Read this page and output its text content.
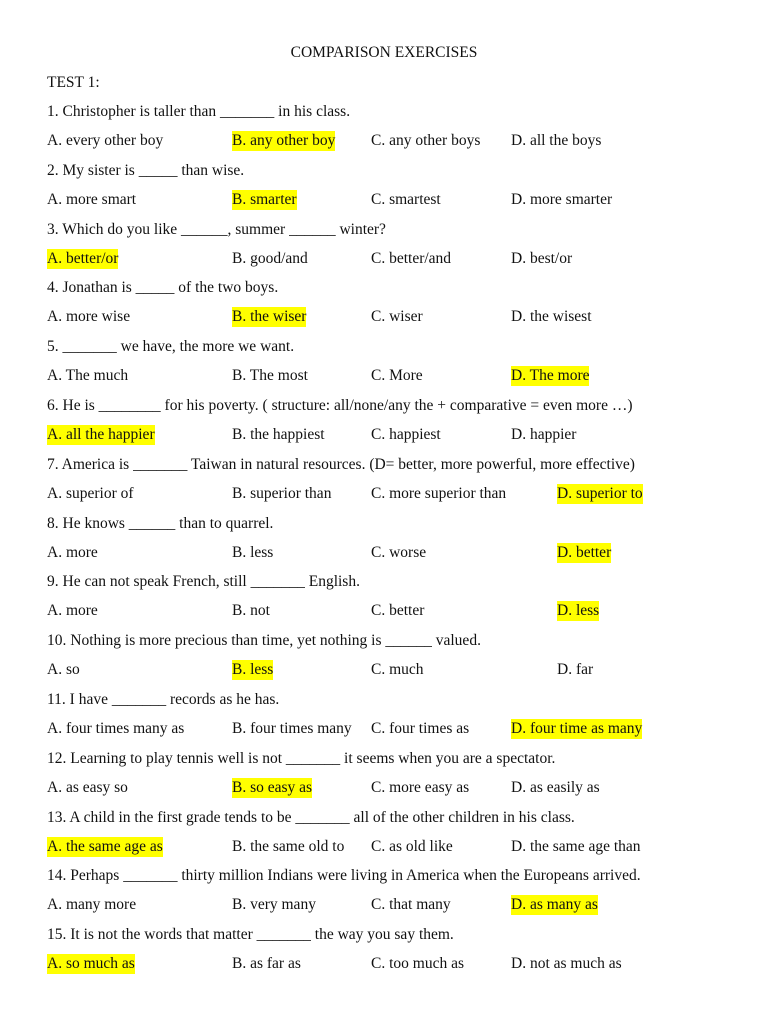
COMPARISON EXERCISES
TEST 1:
1. Christopher is taller than _______ in his class.
A. every other boy	B. any other boy C. any other boys D. all the boys
2. My sister is _____ than wise.
A. more smart	B. smarter	C. smartest	D. more smarter
3. Which do you like ______, summer ______ winter?
A. better/or	B. good/and	C. better/and	D. best/or
4. Jonathan is _____ of the two boys.
A. more wise	B. the wiser	C. wiser	D. the wisest
5. _______ we have, the more we want.
A. The much	B. The most	C. More	D. The more
6. He is ________ for his poverty. ( structure: all/none/any the + comparative = even more …)
A. all the happier	B. the happiest	C. happiest	D. happier
7. America is _______ Taiwan in natural resources. (D= better, more powerful, more effective)
A. superior of	B. superior than	C. more superior than	D. superior to
8. He knows ______ than to quarrel.
A. more	B. less	C. worse	D. better
9. He can not speak French, still _______ English.
A. more	B. not	C. better	D. less
10. Nothing is more precious than time, yet nothing is ______ valued.
A. so	B. less	C. much	D. far
11. I have _______ records as he has.
A. four times many as	B. four times many C. four times as	D. four time as many
12. Learning to play tennis well is not _______ it seems when you are a spectator.
A. as easy so	B. so easy as	C. more easy as	D. as easily as
13. A child in the first grade tends to be _______ all of the other children in his class.
A. the same age as	B. the same old to C. as old like	D. the same age than
14. Perhaps _______ thirty million Indians were living in America when the Europeans arrived.
A. many more	B. very many	C. that many	D. as many as
15. It is not the words that matter _______ the way you say them.
A. so much as	B. as far as	C. too much as	D. not as much as
